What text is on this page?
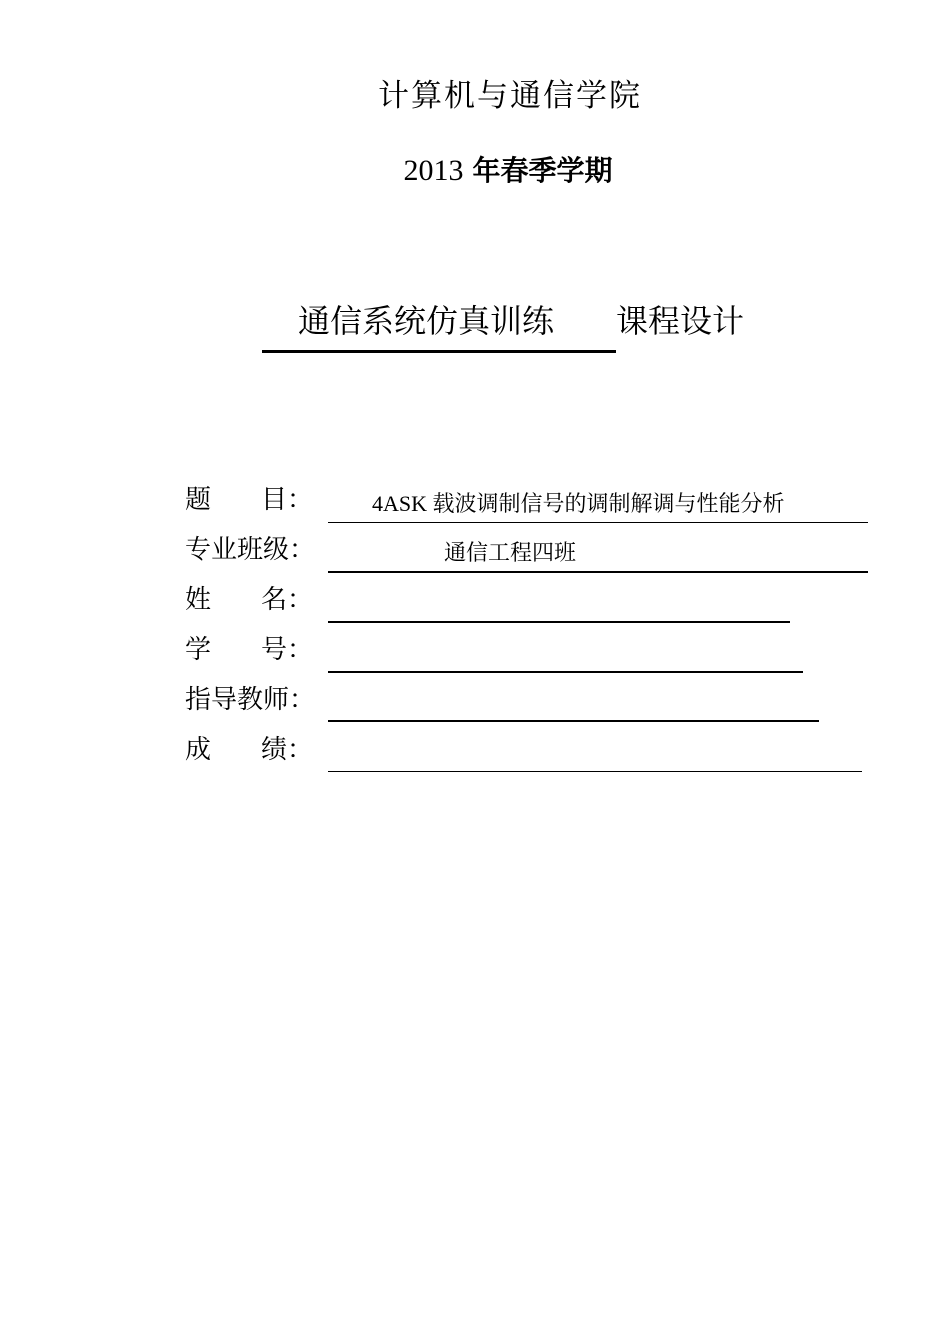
计算机与通信学院
2013 年春季学期
通信系统仿真训练 课程设计
题 目：	4ASK 载波调制信号的调制解调与性能分析
专业班级：	通信工程四班
姓 名：
学 号：
指导教师：
成 绩：
